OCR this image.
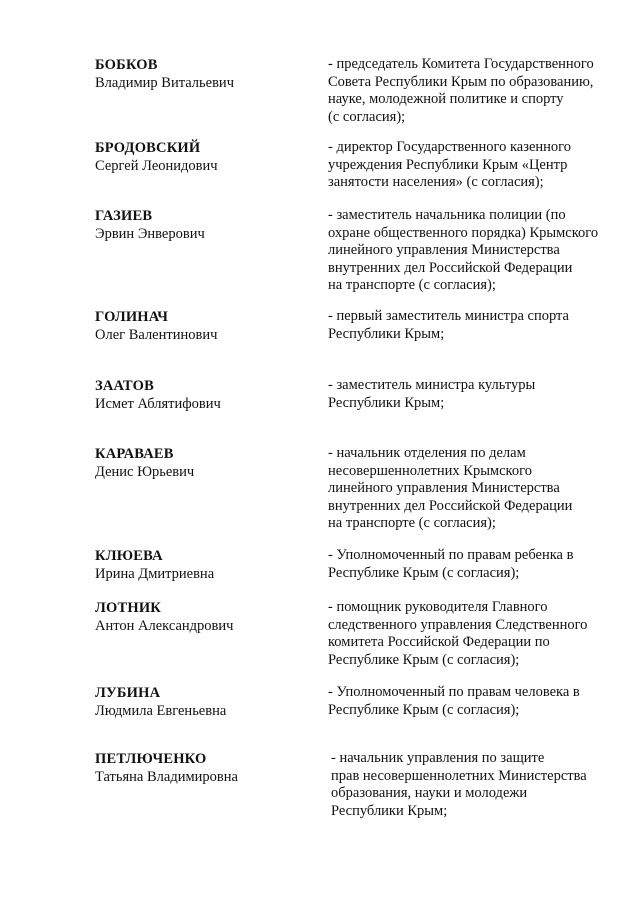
БОБКОВ
Владимир Витальевич
- председатель Комитета Государственного
Совета Республики Крым по образованию,
науке, молодежной политике и спорту
(с согласия);
БРОДОВСКИЙ
Сергей Леонидович
- директор Государственного казенного
учреждения Республики Крым «Центр
занятости населения» (с согласия);
ГАЗИЕВ
Эрвин Энверович
- заместитель начальника полиции (по
охране общественного порядка) Крымского
линейного управления Министерства
внутренних дел Российской Федерации
на транспорте (с согласия);
ГОЛИНАЧ
Олег Валентинович
- первый заместитель министра спорта
Республики Крым;
ЗААТОВ
Исмет Аблятифович
- заместитель министра культуры
Республики Крым;
КАРАВАЕВ
Денис Юрьевич
- начальник отделения по делам
несовершеннолетних Крымского
линейного управления Министерства
внутренних дел Российской Федерации
на транспорте (с согласия);
КЛЮЕВА
Ирина Дмитриевна
- Уполномоченный по правам ребенка в
Республике Крым (с согласия);
ЛОТНИК
Антон Александрович
- помощник руководителя Главного
следственного управления Следственного
комитета Российской Федерации по
Республике Крым (с согласия);
ЛУБИНА
Людмила Евгеньевна
- Уполномоченный по правам человека в
Республике Крым (с согласия);
ПЕТЛЮЧЕНКО
Татьяна Владимировна
- начальник управления по защите
прав несовершеннолетних Министерства
образования, науки и молодежи
Республики Крым;
